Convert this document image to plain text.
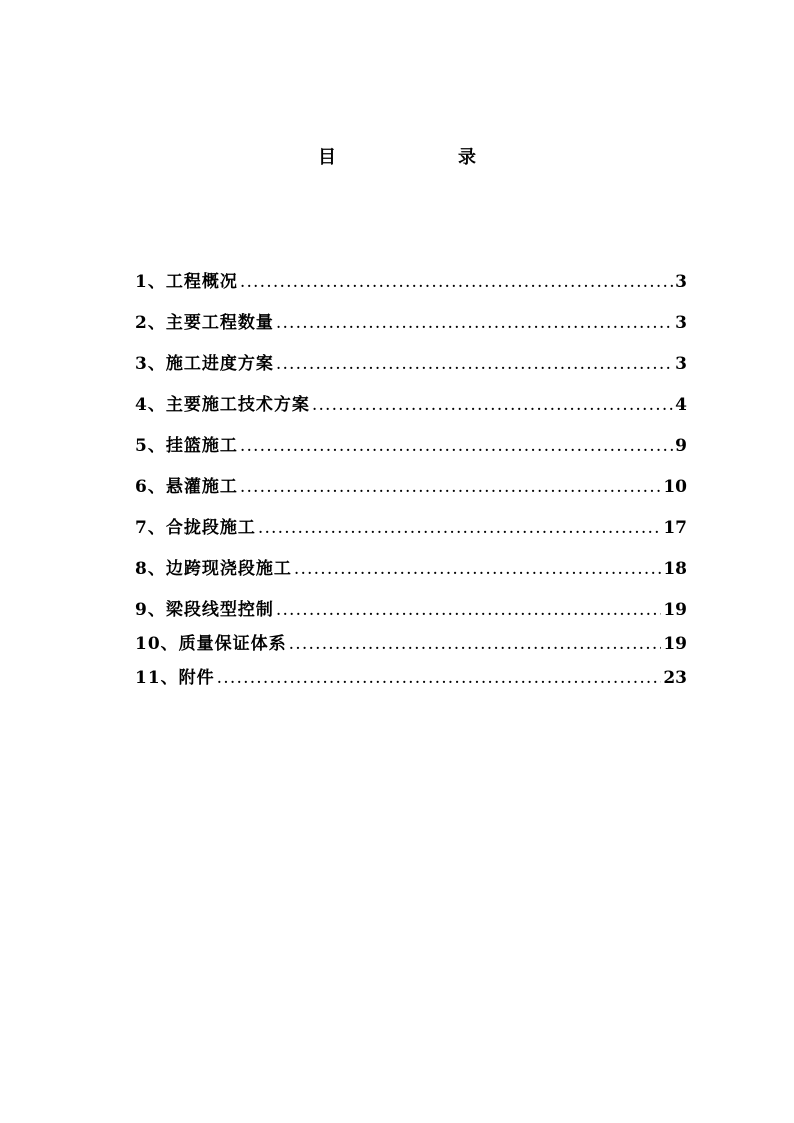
目　录
1、工程概况 .....	3
2、主要工程数量 .....	3
3、施工进度方案 .....	3
4、主要施工技术方案 .....	4
5、挂篮施工 .....	9
6、悬灌施工 .....	10
7、合拢段施工 .....	17
8、边跨现浇段施工 .....	18
9、梁段线型控制 .....	19
10、质量保证体系 .....	19
11、附件 .....	23
